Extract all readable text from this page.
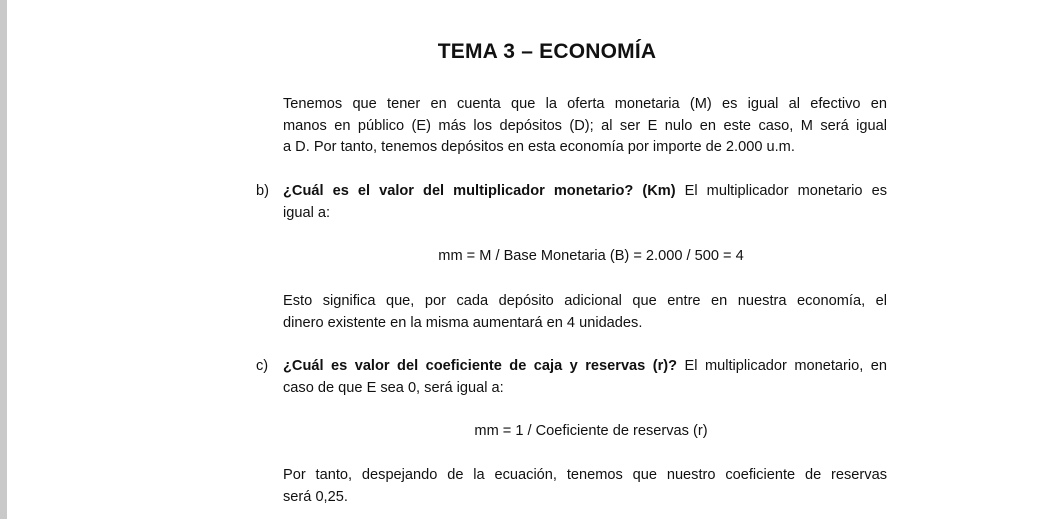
TEMA 3 – ECONOMÍA
Tenemos que tener en cuenta que la oferta monetaria (M) es igual al efectivo en
manos en público (E) más los depósitos (D); al ser E nulo en este caso, M será igual
a D. Por tanto, tenemos depósitos en esta economía por importe de 2.000 u.m.
b) ¿Cuál es el valor del multiplicador monetario? (Km) El multiplicador monetario es
igual a:
mm = M / Base Monetaria (B) = 2.000 / 500 = 4
Esto significa que, por cada depósito adicional que entre en nuestra economía, el
dinero existente en la misma aumentará en 4 unidades.
c) ¿Cuál es valor del coeficiente de caja y reservas (r)? El multiplicador monetario, en
caso de que E sea 0, será igual a:
mm = 1 / Coeficiente de reservas (r)
Por tanto, despejando de la ecuación, tenemos que nuestro coeficiente de reservas
será 0,25.
